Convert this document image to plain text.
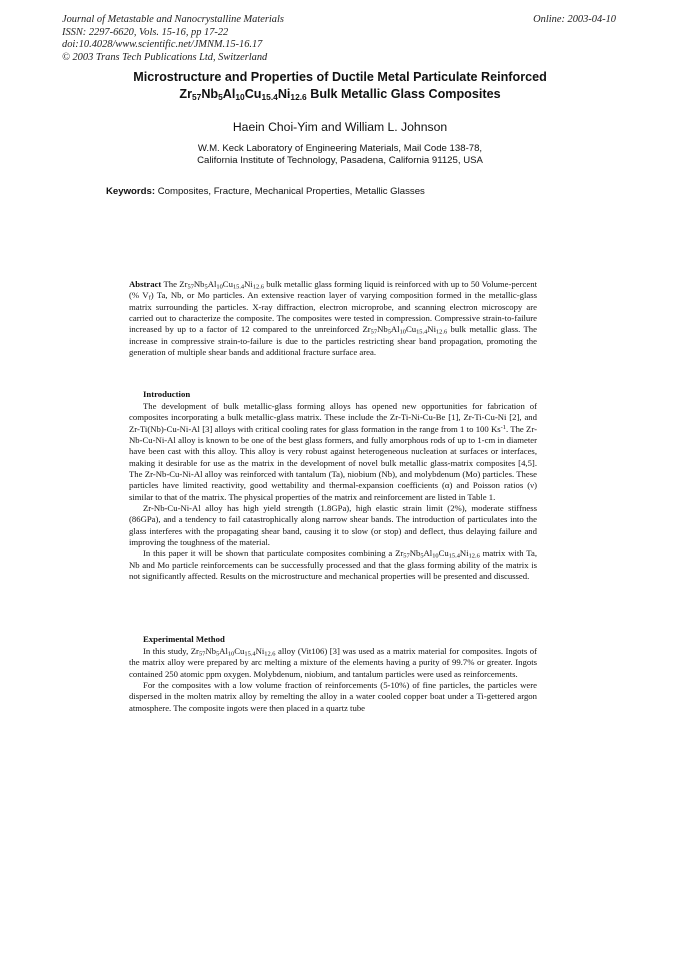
Journal of Metastable and Nanocrystalline Materials
ISSN: 2297-6620, Vols. 15-16, pp 17-22
doi:10.4028/www.scientific.net/JMNM.15-16.17
© 2003 Trans Tech Publications Ltd, Switzerland
Online: 2003-04-10
Microstructure and Properties of Ductile Metal Particulate Reinforced
$Zr_{57}Nb_5Al_{10}Cu_{15.4}Ni_{12.6}$ Bulk Metallic Glass Composites
Haein Choi-Yim and William L. Johnson
W.M. Keck Laboratory of Engineering Materials, Mail Code 138-78,
California Institute of Technology, Pasadena, California 91125, USA
Keywords: Composites, Fracture, Mechanical Properties, Metallic Glasses

Abstract The $Zr_{57}Nb_5Al_{10}Cu_{15.4}Ni_{12.6}$ bulk metallic glass forming liquid is reinforced with up to 50 Volume-percent (% $V_f$) Ta, Nb, or Mo particles. An extensive reaction layer of varying composition formed in the metallic-glass matrix surrounding the particles. X-ray diffraction, electron microprobe, and scanning electron microscopy are carried out to characterize the composite. The composites were tested in compression. Compressive strain-to-failure increased by up to a factor of 12 compared to the unreinforced $Zr_{57}Nb_5Al_{10}Cu_{15.4}Ni_{12.6}$ bulk metallic glass. The increase in compressive strain-to-failure is due to the particles restricting shear band propagation, promoting the generation of multiple shear bands and additional fracture surface area.

Introduction

The development of bulk metallic-glass forming alloys has opened new opportunities for fabrication of composites incorporating a bulk metallic-glass matrix. These include the Zr-Ti-Ni-Cu-Be [1], Zr-Ti-Cu-Ni [2], and Zr-Ti(Nb)-Cu-Ni-Al [3] alloys with critical cooling rates for glass formation in the range from 1 to 100 $Ks^{-1}$. The Zr-Nb-Cu-Ni-Al alloy is known to be one of the best glass formers, and fully amorphous rods of up to 1-cm in diameter have been cast with this alloy. This alloy is very robust against heterogeneous nucleation at surfaces or interfaces, making it desirable for use as the matrix in the development of novel bulk metallic glass-matrix composites [4,5]. The Zr-Nb-Cu-Ni-Al alloy was reinforced with tantalum (Ta), niobium (Nb), and molybdenum (Mo) particles. These particles have limited reactivity, good wettability and thermal-expansion coefficients (α) and Poisson ratios (ν) similar to that of the matrix. The physical properties of the matrix and reinforcement are listed in Table 1.

Zr-Nb-Cu-Ni-Al alloy has high yield strength (1.8GPa), high elastic strain limit (2%), moderate stiffness (86GPa), and a tendency to fail catastrophically along narrow shear bands. The introduction of particulates into the glass interferes with the propagating shear band, causing it to slow (or stop) and deflect, thus delaying failure and improving the toughness of the material.

In this paper it will be shown that particulate composites combining a $Zr_{57}Nb_5Al_{10}Cu_{15.4}Ni_{12.6}$ matrix with Ta, Nb and Mo particle reinforcements can be successfully processed and that the glass forming ability of the matrix is not significantly affected. Results on the microstructure and mechanical properties will be presented and discussed.

Experimental Method

In this study, $Zr_{57}Nb_5Al_{10}Cu_{15.4}Ni_{12.6}$ alloy (Vit106) [3] was used as a matrix material for composites. Ingots of the matrix alloy were prepared by arc melting a mixture of the elements having a purity of 99.7% or greater. Ingots contained 250 atomic ppm oxygen. Molybdenum, niobium, and tantalum particles were used as reinforcements.

For the composites with a low volume fraction of reinforcements (5-10%) of fine particles, the particles were dispersed in the molten matrix alloy by remelting the alloy in a water cooled copper boat under a Ti-gettered argon atmosphere. The composite ingots were then placed in a quartz tube
